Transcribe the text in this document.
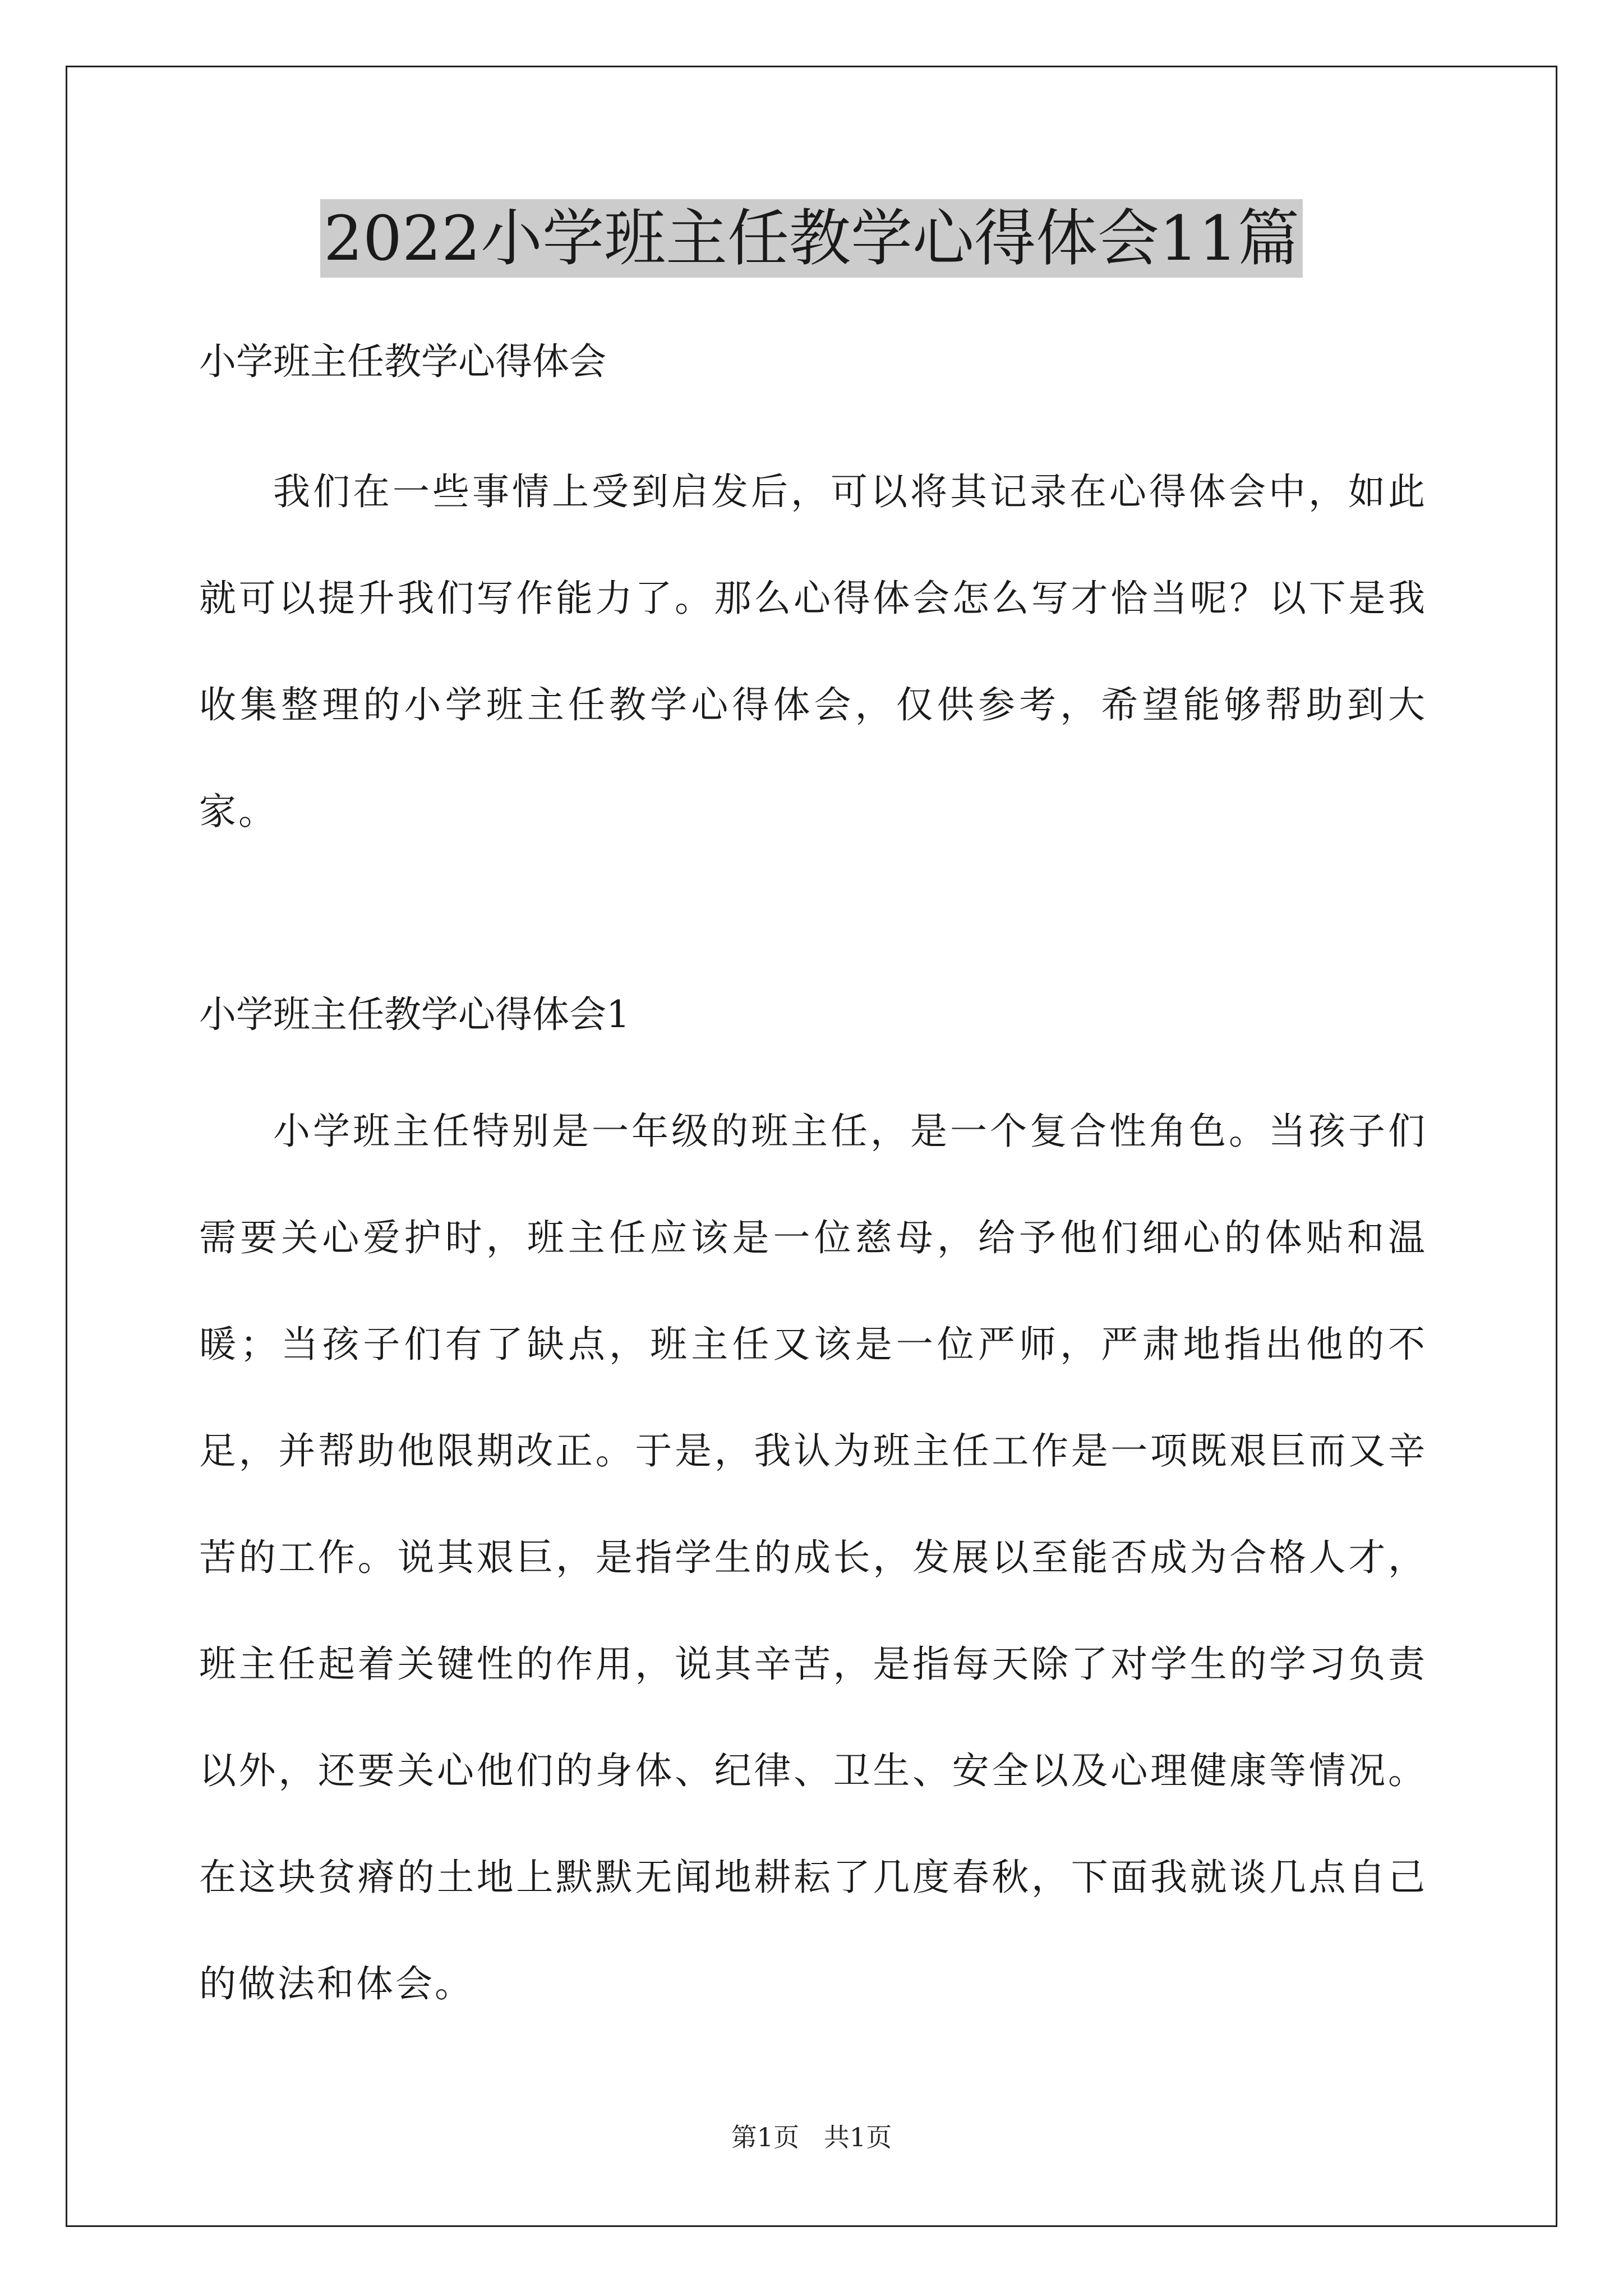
2022小学班主任教学心得体会11篇

小学班主任教学心得体会

我们在一些事情上受到启发后，可以将其记录在心得体会中，如此就可以提升我们写作能力了。那么心得体会怎么写才恰当呢？以下是我收集整理的小学班主任教学心得体会，仅供参考，希望能够帮助到大家。

小学班主任教学心得体会1

小学班主任特别是一年级的班主任，是一个复合性角色。当孩子们需要关心爱护时，班主任应该是一位慈母，给予他们细心的体贴和温暖；当孩子们有了缺点，班主任又该是一位严师，严肃地指出他的不足，并帮助他限期改正。于是，我认为班主任工作是一项既艰巨而又辛苦的工作。说其艰巨，是指学生的成长，发展以至能否成为合格人才，班主任起着关键性的作用，说其辛苦，是指每天除了对学生的学习负责以外，还要关心他们的身体、纪律、卫生、安全以及心理健康等情况。在这块贫瘠的土地上默默无闻地耕耘了几度春秋，下面我就谈几点自己的做法和体会。

第1页   共1页
